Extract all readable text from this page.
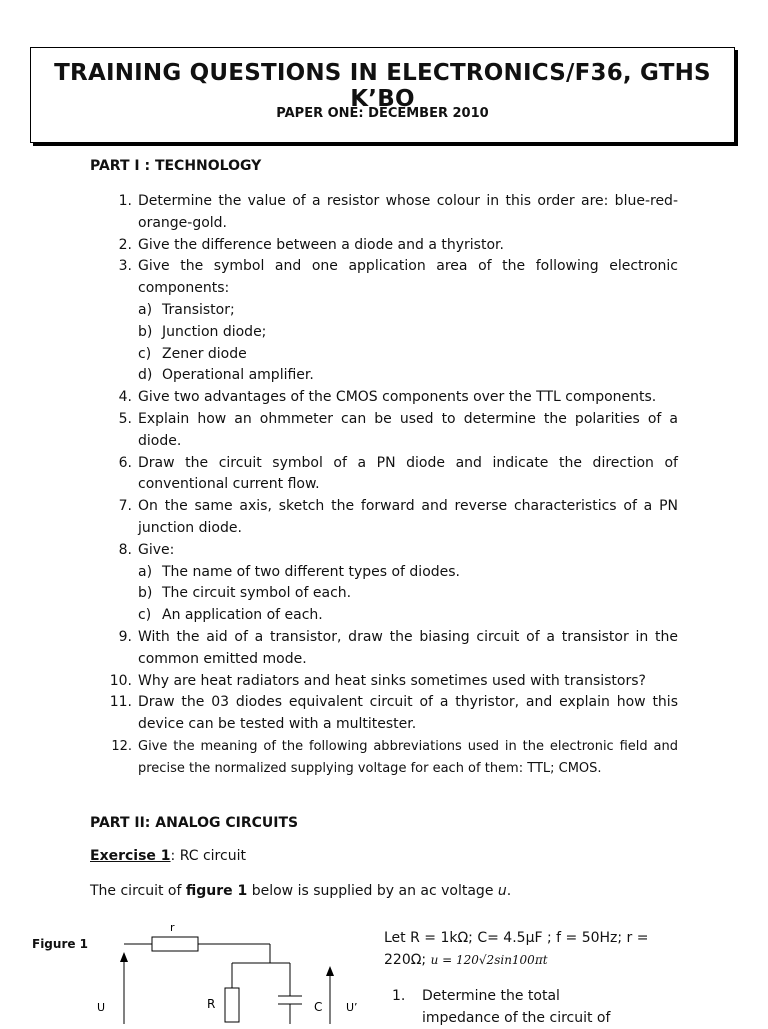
TRAINING QUESTIONS IN ELECTRONICS/F36, GTHS K’BO
PAPER ONE: DECEMBER 2010
PART I : TECHNOLOGY
1. Determine the value of a resistor whose colour in this order are: blue-red-orange-gold.
2. Give the difference between a diode and a thyristor.
3. Give the symbol and one application area of the following electronic components:
a) Transistor;
b) Junction diode;
c) Zener diode
d) Operational amplifier.
4. Give two advantages of the CMOS components over the TTL components.
5. Explain how an ohmmeter can be used to determine the polarities of a diode.
6. Draw the circuit symbol of a PN diode and indicate the direction of conventional current flow.
7. On the same axis, sketch the forward and reverse characteristics of a PN junction diode.
8. Give:
a) The name of two different types of diodes.
b) The circuit symbol of each.
c) An application of each.
9. With the aid of a transistor, draw the biasing circuit of a transistor in the common emitted mode.
10. Why are heat radiators and heat sinks sometimes used with transistors?
11. Draw the 03 diodes equivalent circuit of a thyristor, and explain how this device can be tested with a multitester.
12. Give the meaning of the following abbreviations used in the electronic field and precise the normalized supplying voltage for each of them: TTL; CMOS.
PART II: ANALOG CIRCUITS
Exercise 1: RC circuit
The circuit of figure 1 below is supplied by an ac voltage u.
Figure 1
r
R	C
U	U’
Let R = 1kΩ; C= 4.5µF ; f = 50Hz; r =
220Ω; u = 120√2sin100πt
1.	Determine the total
impedance of the circuit of
